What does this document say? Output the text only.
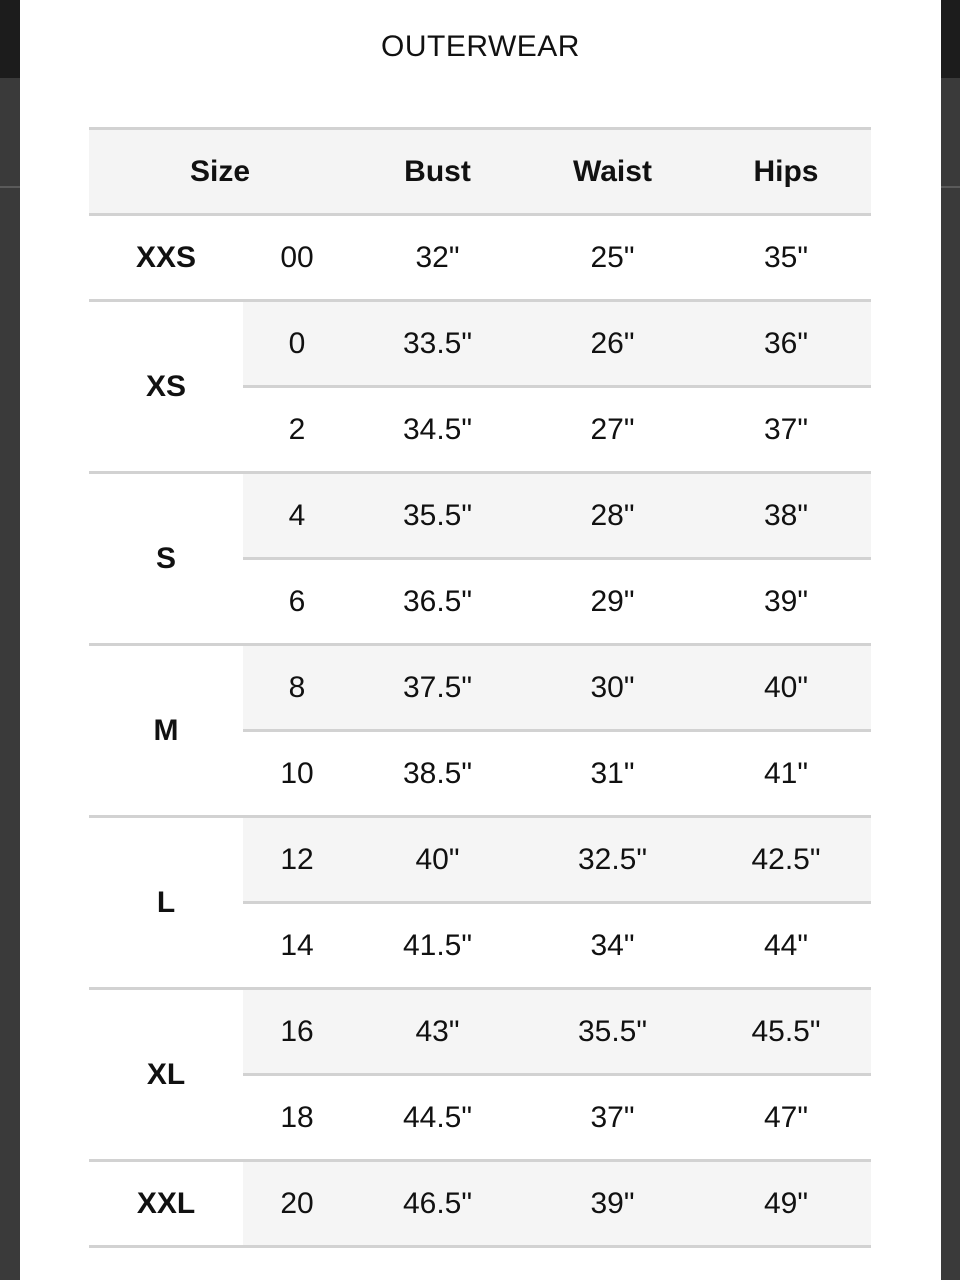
OUTERWEAR
Size		Bust	Waist	Hips
XXS	00	32"	25"	35"
XS	0	33.5"	26"	36"
	2	34.5"	27"	37"
S	4	35.5"	28"	38"
	6	36.5"	29"	39"
M	8	37.5"	30"	40"
	10	38.5"	31"	41"
L	12	40"	32.5"	42.5"
	14	41.5"	34"	44"
XL	16	43"	35.5"	45.5"
	18	44.5"	37"	47"
XXL	20	46.5"	39"	49"
